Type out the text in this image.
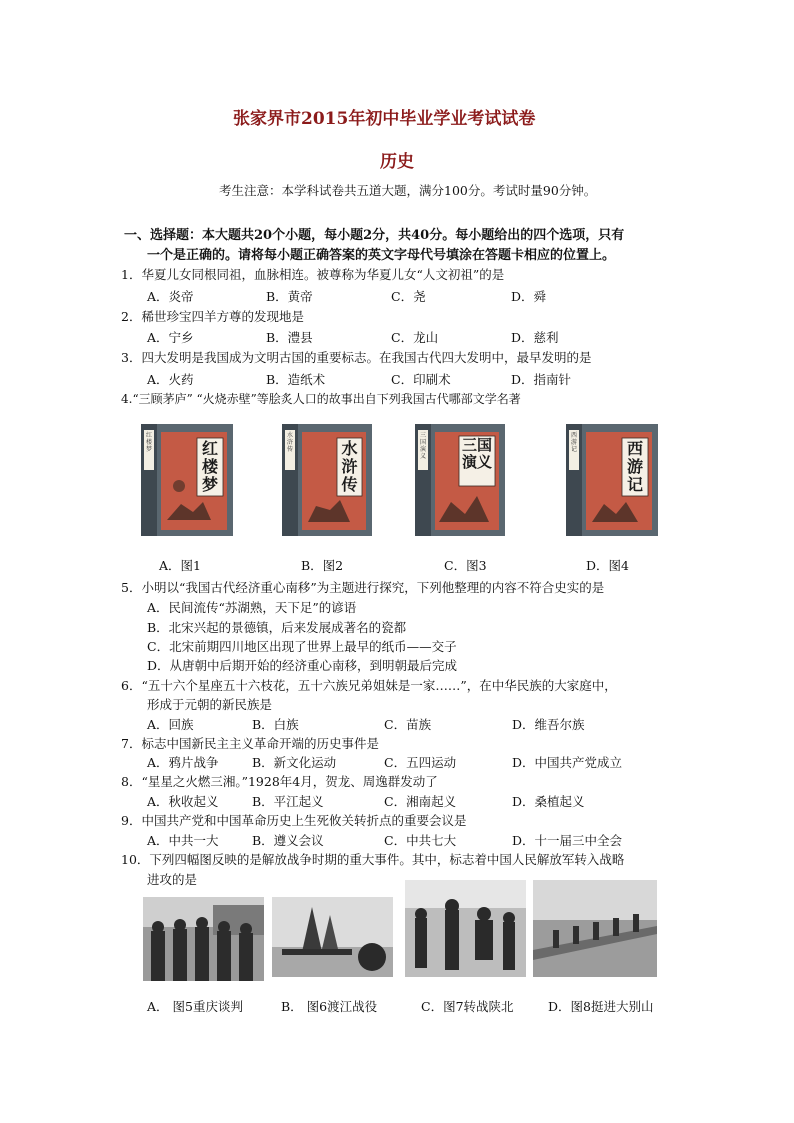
张家界市2015年初中毕业学业考试试卷
历史
考生注意：本学科试卷共五道大题，满分100分。考试时量90分钟。
一、选择题：本大题共20个小题，每小题2分，共40分。每小题给出的四个选项，只有
一个是正确的。请将每小题正确答案的英文字母代号填涂在答题卡相应的位置上。
1．华夏儿女同根同祖，血脉相连。被尊称为华夏儿女“人文初祖”的是
A．炎帝	B．黄帝	C．尧	D．舜
2．稀世珍宝四羊方尊的发现地是
A．宁乡	B．澧县	C．龙山	D．慈利
3．四大发明是我国成为文明古国的重要标志。在我国古代四大发明中，最早发明的是
A．火药	B．造纸术	C．印刷术	D．指南针
4.“三顾茅庐” “火烧赤壁”等脍炙人口的故事出自下列我国古代哪部文学名著
红楼梦
红楼梦	水浒传
水浒传	三国演义
三国演义	西游记
西游记
A．图1	B．图2	C．图3	D．图4
5．小明以“我国古代经济重心南移”为主题进行探究，下列他整理的内容不符合史实的是
A．民间流传“苏湖熟，天下足”的谚语
B．北宋兴起的景德镇，后来发展成著名的瓷都
C．北宋前期四川地区出现了世界上最早的纸币——交子
D．从唐朝中后期开始的经济重心南移，到明朝最后完成
6．“五十六个星座五十六枝花，五十六族兄弟姐妹是一家……”，在中华民族的大家庭中，
形成于元朝的新民族是
A．回族	B．白族	C．苗族	D．维吾尔族
7．标志中国新民主主义革命开端的历史事件是
A．鸦片战争	B．新文化运动	C．五四运动	D．中国共产党成立
8．“星星之火燃三湘。”1928年4月，贺龙、周逸群发动了
A．秋收起义	B．平江起义	C．湘南起义	D．桑植起义
9．中国共产党和中国革命历史上生死攸关转折点的重要会议是
A．中共一大	B．遵义会议	C．中共七大	D．十一届三中全会
10．下列四幅图反映的是解放战争时期的重大事件。其中，标志着中国人民解放军转入战略
进攻的是
A． 图5重庆谈判	B． 图6渡江战役	C．图7转战陕北	D．图8挺进大别山
